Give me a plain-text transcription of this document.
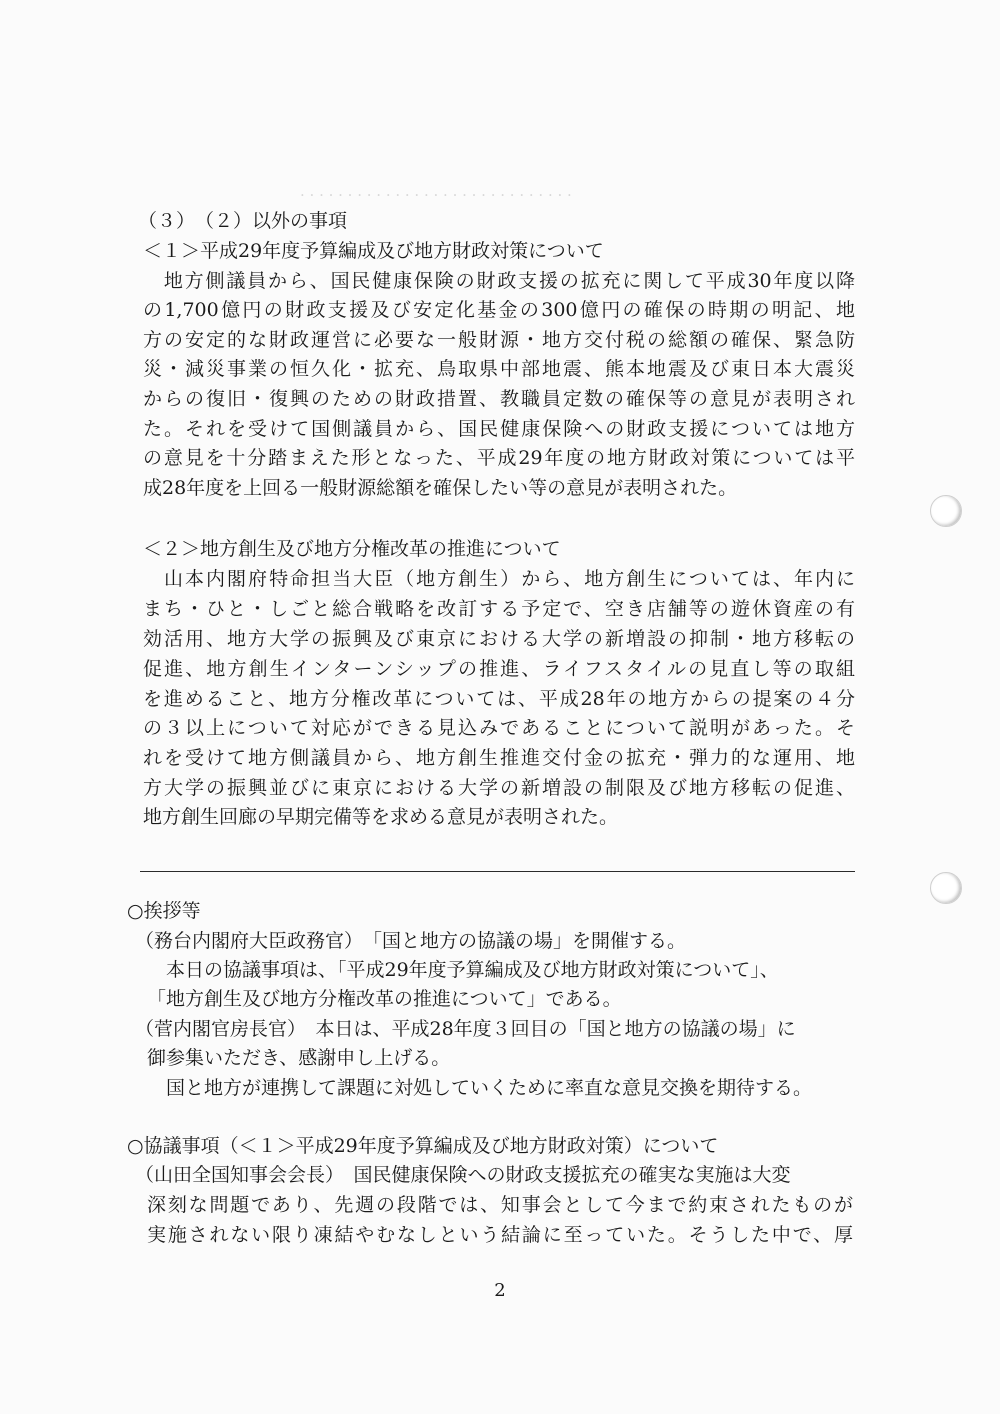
. . . . . . . . . . . . . . . . . . . . . . . . . . . . .
（３）　（２）以外の事項
＜１＞平成29年度予算編成及び地方財政対策について
　地方側議員から、国民健康保険の財政支援の拡充に関して平成30年度以降
の1,700億円の財政支援及び安定化基金の300億円の確保の時期の明記、地
方の安定的な財政運営に必要な一般財源・地方交付税の総額の確保、緊急防
災・減災事業の恒久化・拡充、鳥取県中部地震、熊本地震及び東日本大震災
からの復旧・復興のための財政措置、教職員定数の確保等の意見が表明され
た。それを受けて国側議員から、国民健康保険への財政支援については地方
の意見を十分踏まえた形となった、平成29年度の地方財政対策については平
成28年度を上回る一般財源総額を確保したい等の意見が表明された。
＜２＞地方創生及び地方分権改革の推進について
　山本内閣府特命担当大臣（地方創生）から、地方創生については、年内に
まち・ひと・しごと総合戦略を改訂する予定で、空き店舗等の遊休資産の有
効活用、地方大学の振興及び東京における大学の新増設の抑制・地方移転の
促進、地方創生インターンシップの推進、ライフスタイルの見直し等の取組
を進めること、地方分権改革については、平成28年の地方からの提案の４分
の３以上について対応ができる見込みであることについて説明があった。そ
れを受けて地方側議員から、地方創生推進交付金の拡充・弾力的な運用、地
方大学の振興並びに東京における大学の新増設の制限及び地方移転の促進、
地方創生回廊の早期完備等を求める意見が表明された。
○挨拶等
（務台内閣府大臣政務官）　「国と地方の協議の場」を開催する。
　本日の協議事項は、「平成29年度予算編成及び地方財政対策について」、
「地方創生及び地方分権改革の推進について」である。
（菅内閣官房長官）　本日は、平成28年度３回目の「国と地方の協議の場」に
御参集いただき、感謝申し上げる。
　国と地方が連携して課題に対処していくために率直な意見交換を期待する。
○協議事項（＜１＞平成29年度予算編成及び地方財政対策）について
（山田全国知事会会長）　国民健康保険への財政支援拡充の確実な実施は大変
深刻な問題であり、先週の段階では、知事会として今まで約束されたものが
実施されない限り凍結やむなしという結論に至っていた。そうした中で、厚
2
